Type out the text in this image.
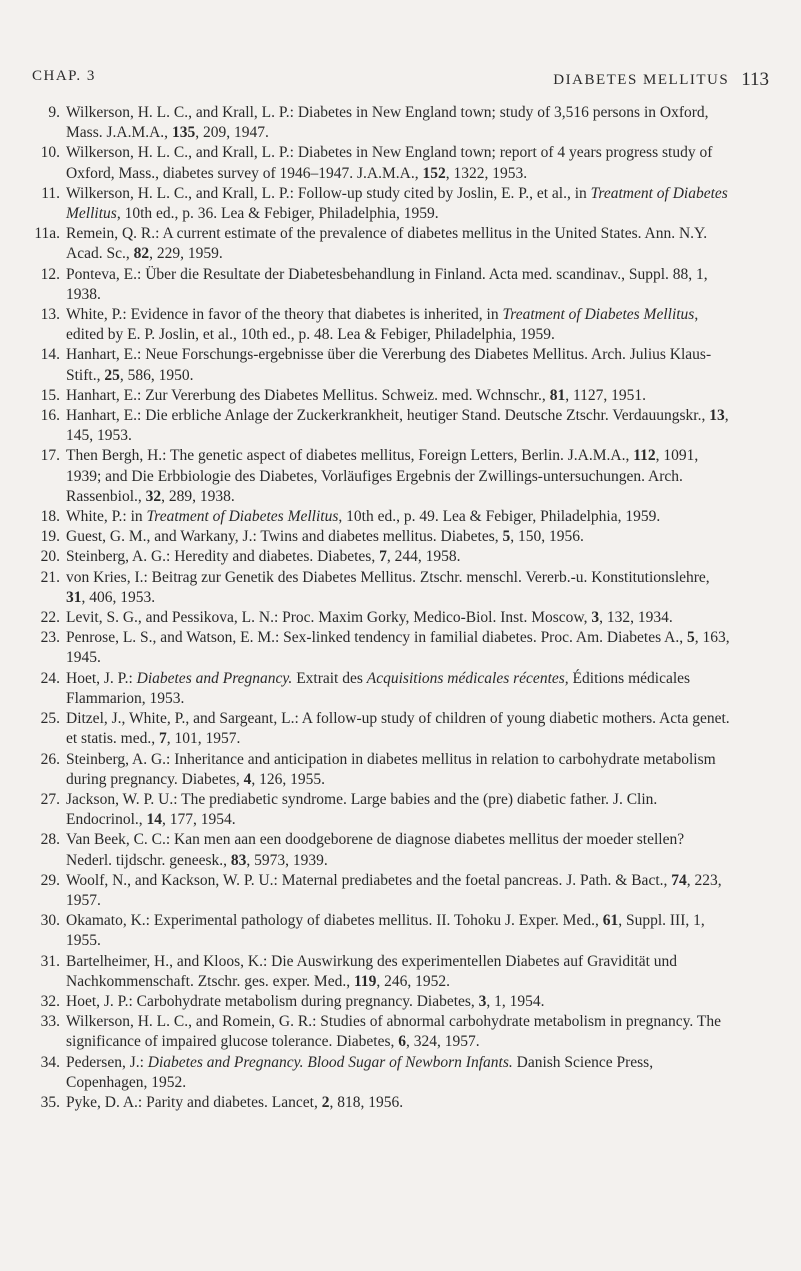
CHAP. 3	DIABETES MELLITUS 113

9. Wilkerson, H. L. C., and Krall, L. P.: Diabetes in New England town; study of 3,516 persons in Oxford, Mass. J.A.M.A., 135, 209, 1947.

10. Wilkerson, H. L. C., and Krall, L. P.: Diabetes in New England town; report of 4 years progress study of Oxford, Mass., diabetes survey of 1946–1947. J.A.M.A., 152, 1322, 1953.

11. Wilkerson, H. L. C., and Krall, L. P.: Follow-up study cited by Joslin, E. P., et al., in Treatment of Diabetes Mellitus, 10th ed., p. 36. Lea & Febiger, Philadelphia, 1959.

11a. Remein, Q. R.: A current estimate of the prevalence of diabetes mellitus in the United States. Ann. N.Y. Acad. Sc., 82, 229, 1959.

12. Ponteva, E.: Über die Resultate der Diabetesbehandlung in Finland. Acta med. scandinav., Suppl. 88, 1, 1938.

13. White, P.: Evidence in favor of the theory that diabetes is inherited, in Treatment of Diabetes Mellitus, edited by E. P. Joslin, et al., 10th ed., p. 48. Lea & Febiger, Philadelphia, 1959.

14. Hanhart, E.: Neue Forschungs-ergebnisse über die Vererbung des Diabetes Mellitus. Arch. Julius Klaus-Stift., 25, 586, 1950.

15. Hanhart, E.: Zur Vererbung des Diabetes Mellitus. Schweiz. med. Wchnschr., 81, 1127, 1951.

16. Hanhart, E.: Die erbliche Anlage der Zuckerkrankheit, heutiger Stand. Deutsche Ztschr. Verdauungskr., 13, 145, 1953.

17. Then Bergh, H.: The genetic aspect of diabetes mellitus, Foreign Letters, Berlin. J.A.M.A., 112, 1091, 1939; and Die Erbbiologie des Diabetes, Vorläufiges Ergebnis der Zwillings-untersuchungen. Arch. Rassenbiol., 32, 289, 1938.

18. White, P.: in Treatment of Diabetes Mellitus, 10th ed., p. 49. Lea & Febiger, Philadelphia, 1959.

19. Guest, G. M., and Warkany, J.: Twins and diabetes mellitus. Diabetes, 5, 150, 1956.

20. Steinberg, A. G.: Heredity and diabetes. Diabetes, 7, 244, 1958.

21. von Kries, I.: Beitrag zur Genetik des Diabetes Mellitus. Ztschr. menschl. Vererb.-u. Konstitutionslehre, 31, 406, 1953.

22. Levit, S. G., and Pessikova, L. N.: Proc. Maxim Gorky, Medico-Biol. Inst. Moscow, 3, 132, 1934.

23. Penrose, L. S., and Watson, E. M.: Sex-linked tendency in familial diabetes. Proc. Am. Diabetes A., 5, 163, 1945.

24. Hoet, J. P.: Diabetes and Pregnancy. Extrait des Acquisitions médicales récentes, Éditions médicales Flammarion, 1953.

25. Ditzel, J., White, P., and Sargeant, L.: A follow-up study of children of young diabetic mothers. Acta genet. et statis. med., 7, 101, 1957.

26. Steinberg, A. G.: Inheritance and anticipation in diabetes mellitus in relation to carbohydrate metabolism during pregnancy. Diabetes, 4, 126, 1955.

27. Jackson, W. P. U.: The prediabetic syndrome. Large babies and the (pre) diabetic father. J. Clin. Endocrinol., 14, 177, 1954.

28. Van Beek, C. C.: Kan men aan een doodgeborene de diagnose diabetes mellitus der moeder stellen? Nederl. tijdschr. geneesk., 83, 5973, 1939.

29. Woolf, N., and Kackson, W. P. U.: Maternal prediabetes and the foetal pancreas. J. Path. & Bact., 74, 223, 1957.

30. Okamato, K.: Experimental pathology of diabetes mellitus. II. Tohoku J. Exper. Med., 61, Suppl. III, 1, 1955.

31. Bartelheimer, H., and Kloos, K.: Die Auswirkung des experimentellen Diabetes auf Gravidität und Nachkommenschaft. Ztschr. ges. exper. Med., 119, 246, 1952.

32. Hoet, J. P.: Carbohydrate metabolism during pregnancy. Diabetes, 3, 1, 1954.

33. Wilkerson, H. L. C., and Romein, G. R.: Studies of abnormal carbohydrate metabolism in pregnancy. The significance of impaired glucose tolerance. Diabetes, 6, 324, 1957.

34. Pedersen, J.: Diabetes and Pregnancy. Blood Sugar of Newborn Infants. Danish Science Press, Copenhagen, 1952.

35. Pyke, D. A.: Parity and diabetes. Lancet, 2, 818, 1956.
